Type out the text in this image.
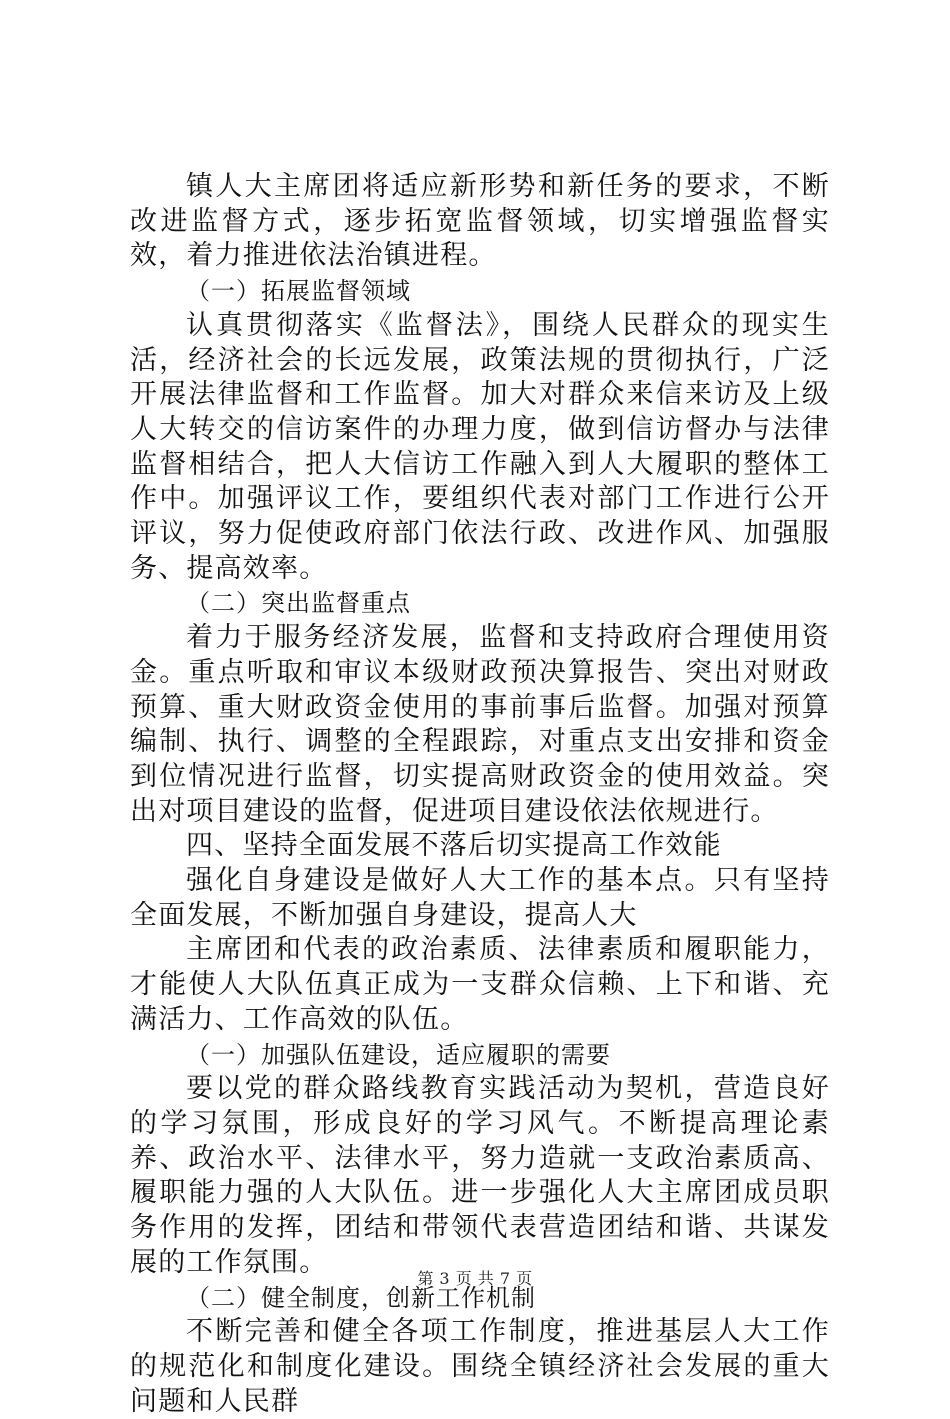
镇人大主席团将适应新形势和新任务的要求，不断改进监督方式，逐步拓宽监督领域，切实增强监督实效，着力推进依法治镇进程。

（一）拓展监督领域

认真贯彻落实《监督法》，围绕人民群众的现实生活，经济社会的长远发展，政策法规的贯彻执行，广泛开展法律监督和工作监督。加大对群众来信来访及上级人大转交的信访案件的办理力度，做到信访督办与法律监督相结合，把人大信访工作融入到人大履职的整体工作中。加强评议工作，要组织代表对部门工作进行公开评议，努力促使政府部门依法行政、改进作风、加强服务、提高效率。

（二）突出监督重点

着力于服务经济发展，监督和支持政府合理使用资金。重点听取和审议本级财政预决算报告、突出对财政预算、重大财政资金使用的事前事后监督。加强对预算编制、执行、调整的全程跟踪，对重点支出安排和资金到位情况进行监督，切实提高财政资金的使用效益。突出对项目建设的监督，促进项目建设依法依规进行。

四、坚持全面发展不落后切实提高工作效能

强化自身建设是做好人大工作的基本点。只有坚持全面发展，不断加强自身建设，提高人大

主席团和代表的政治素质、法律素质和履职能力，才能使人大队伍真正成为一支群众信赖、上下和谐、充满活力、工作高效的队伍。

（一）加强队伍建设，适应履职的需要

要以党的群众路线教育实践活动为契机，营造良好的学习氛围，形成良好的学习风气。不断提高理论素养、政治水平、法律水平，努力造就一支政治素质高、履职能力强的人大队伍。进一步强化人大主席团成员职务作用的发挥，团结和带领代表营造团结和谐、共谋发展的工作氛围。

（二）健全制度，创新工作机制

不断完善和健全各项工作制度，推进基层人大工作的规范化和制度化建设。围绕全镇经济社会发展的重大问题和人民群

第 3 页 共 7 页
